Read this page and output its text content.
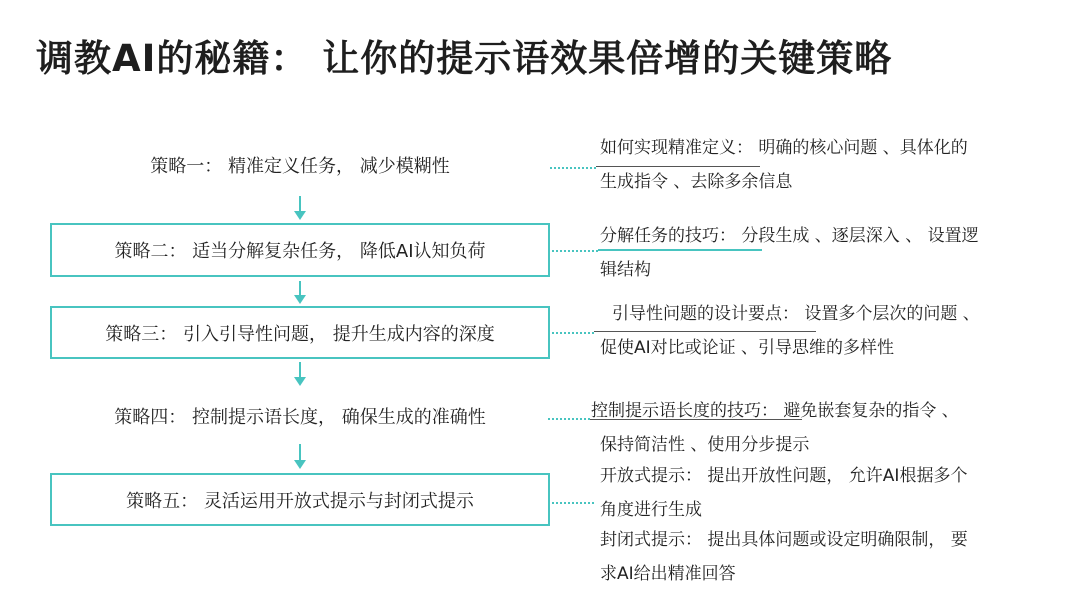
调教AI的秘籍： 让你的提示语效果倍增的关键策略
策略一： 精准定义任务， 减少模糊性
策略二： 适当分解复杂任务， 降低AI认知负荷
策略三： 引入引导性问题， 提升生成内容的深度
策略四： 控制提示语长度， 确保生成的准确性
策略五： 灵活运用开放式提示与封闭式提示
如何实现精准定义： 明确的核心问题 、具体化的
生成指令 、去除多余信息
分解任务的技巧： 分段生成 、逐层深入 、 设置逻
辑结构
引导性问题的设计要点： 设置多个层次的问题 、
促使AI对比或论证 、引导思维的多样性
控制提示语长度的技巧： 避免嵌套复杂的指令 、
保持简洁性 、使用分步提示
开放式提示： 提出开放性问题， 允许AI根据多个
角度进行生成
封闭式提示： 提出具体问题或设定明确限制， 要
求AI给出精准回答
